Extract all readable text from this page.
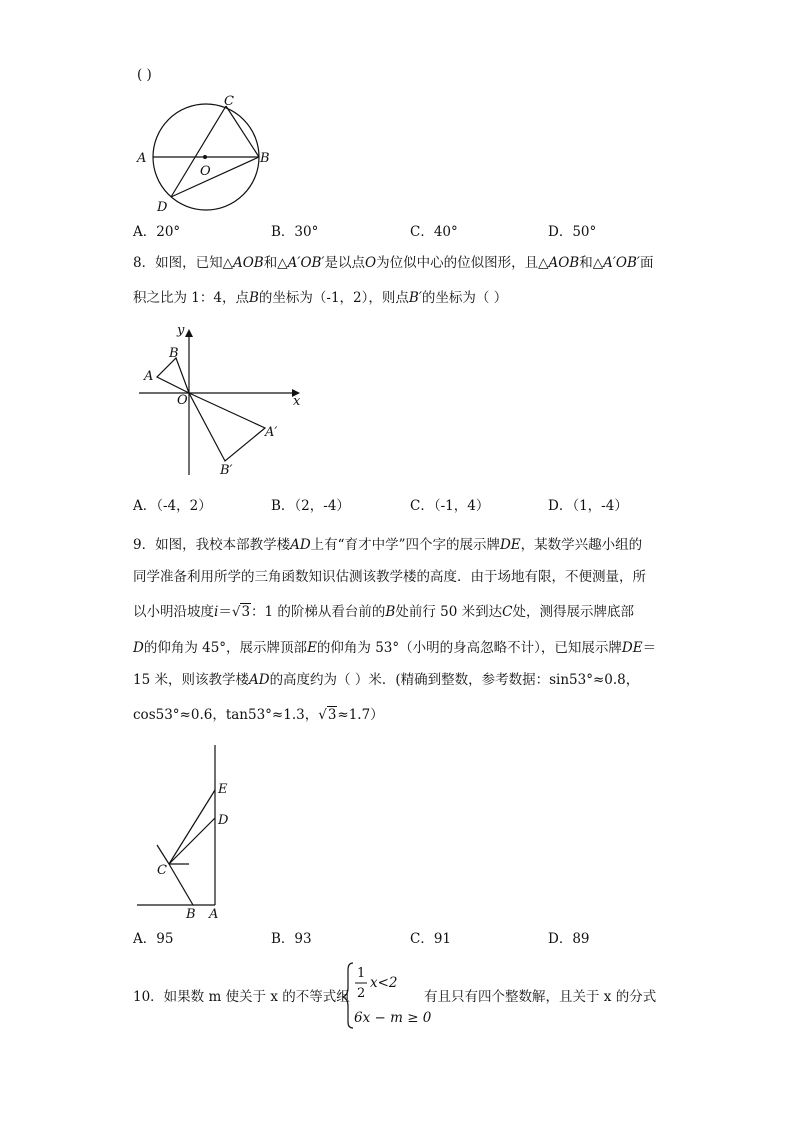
( )
C
A	B
O
D
A．20°	B．30°	C．40°	D．50°
8．如图，已知△AOB和△A′OB′是以点O为位似中心的位似图形，且△AOB和△A′OB′面
积之比为 1：4，点B的坐标为（-1，2），则点B′的坐标为（ ）
y
x
O
A
B
A′
B′
A．（-4，2）	B．（2，-4）	C．（-1，4）	D．（1，-4）
9．如图，我校本部教学楼AD上有“育才中学”四个字的展示牌DE，某数学兴趣小组的
同学准备利用所学的三角函数知识估测该教学楼的高度．由于场地有限，不便测量，所
以小明沿坡度i＝√3：1 的阶梯从看台前的B处前行 50 米到达C处，测得展示牌底部
D的仰角为 45°，展示牌顶部E的仰角为 53°（小明的身高忽略不计），已知展示牌DE＝
15 米，则该教学楼AD的高度约为（ ）米．(精确到整数，参考数据：sin53°≈0.8，
cos53°≈0.6，tan53°≈1.3，√3≈1.7）
E
D
C
B A
A．95	B．93	C．91	D．89
10．如果数 m 使关于 x 的不等式组
1
2
x<2
6x − m ≥ 0
有且只有四个整数解，且关于 x 的分式
